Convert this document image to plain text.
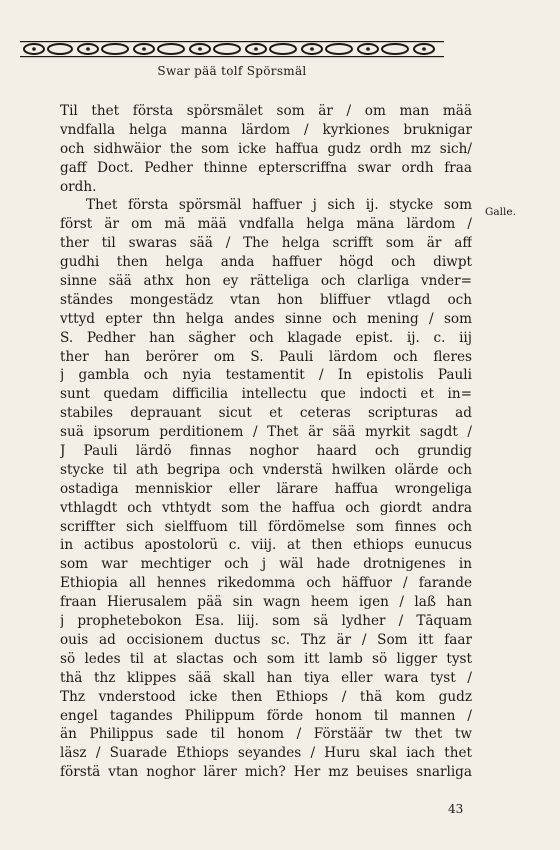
Swar pää tolf Spörsmäl
Galle.
Til thet första spörsmälet som är / om man mää
vndfalla helga manna lärdom / kyrkiones bruknigar
och sidhwäior the som icke haffua gudz ordh mz sich/
gaff Doct. Pedher thinne epterscriffna swar ordh fraa
ordh.
Thet första spörsmäl haffuer j sich ij. stycke som
först är om mä mää vndfalla helga mäna lärdom /
ther til swaras sää / The helga scrifft som är aff
gudhi then helga anda haffuer högd och diwpt
sinne sää athx hon ey rätteliga och clarliga vnder=
ständes mongestädz vtan hon bliffuer vtlagd och
vttyd epter thn helga andes sinne och mening / som
S. Pedher han sägher och klagade epist. ij. c. iij
ther han berörer om S. Pauli lärdom och fleres
j gambla och nyia testamentit / In epistolis Pauli
sunt quedam difficilia intellectu que indocti et in=
stabiles deprauant sicut et ceteras scripturas ad
suä ipsorum perditionem / Thet är sää myrkit sagdt /
J Pauli lärdö finnas noghor haard och grundig
stycke til ath begripa och vnderstä hwilken olärde och
ostadiga menniskior eller lärare haffua wrongeliga
vthlagdt och vthtydt som the haffua och giordt andra
scriffter sich sielffuom till fördömelse som finnes och
in actibus apostolorü c. viij. at then ethiops eunucus
som war mechtiger och j wäl hade drotnigenes in
Ethiopia all hennes rikedomma och häffuor / farande
fraan Hierusalem pää sin wagn heem igen / laß han
j prophetebokon Esa. liij. som sä lydher / Tāquam
ouis ad occisionem ductus sc. Thz är / Som itt faar
sö ledes til at slactas och som itt lamb sö ligger tyst
thä thz klippes sää skall han tiya eller wara tyst /
Thz vnderstood icke then Ethiops / thä kom gudz
engel tagandes Philippum förde honom til mannen /
än Philippus sade til honom / Förstäär tw thet tw
läsz / Suarade Ethiops seyandes / Huru skal iach thet
förstä vtan noghor lärer mich? Her mz beuises snarliga
43
